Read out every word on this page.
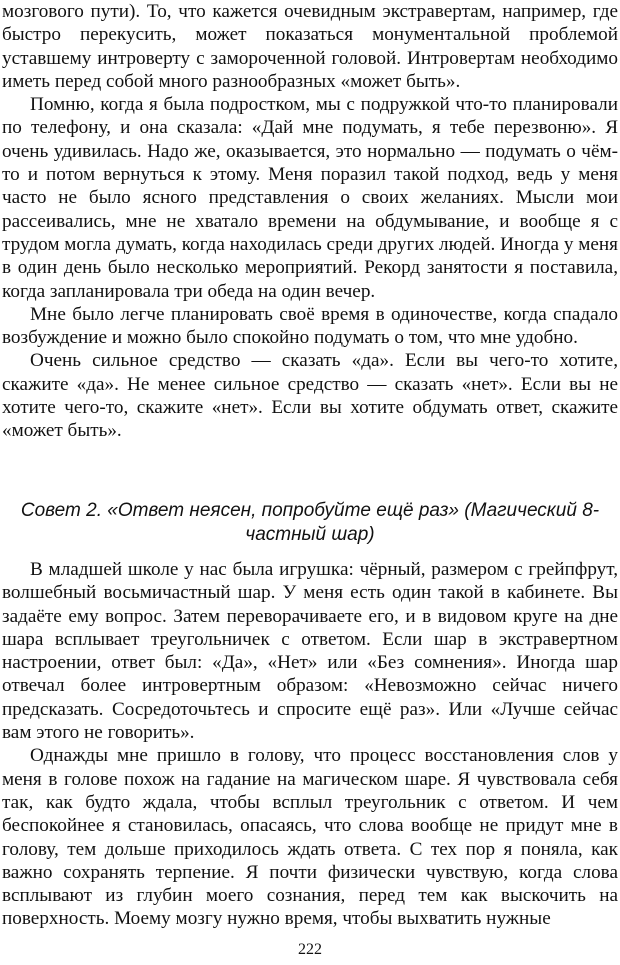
мозгового пути). То, что кажется очевидным экстравертам, например, где быстро перекусить, может показаться монументальной проблемой уставшему интроверту с замороченной головой. Интровертам необходимо иметь перед собой много разнообразных «может быть».

Помню, когда я была подростком, мы с подружкой что-то планировали по телефону, и она сказала: «Дай мне подумать, я тебе перезвоню». Я очень удивилась. Надо же, оказывается, это нормально — подумать о чём-то и потом вернуться к этому. Меня поразил такой подход, ведь у меня часто не было ясного представления о своих желаниях. Мысли мои рассеивались, мне не хватало времени на обдумывание, и вообще я с трудом могла думать, когда находилась среди других людей. Иногда у меня в один день было несколько мероприятий. Рекорд занятости я поставила, когда запланировала три обеда на один вечер.

Мне было легче планировать своё время в одиночестве, когда спадало возбуждение и можно было спокойно подумать о том, что мне удобно.

Очень сильное средство — сказать «да». Если вы чего-то хотите, скажите «да». Не менее сильное средство — сказать «нет». Если вы не хотите чего-то, скажите «нет». Если вы хотите обдумать ответ, скажите «может быть».

Совет 2. «Ответ неясен, попробуйте ещё раз» (Магический 8-частный шар)

В младшей школе у нас была игрушка: чёрный, размером с грейпфрут, волшебный восьмичастный шар. У меня есть один такой в кабинете. Вы задаёте ему вопрос. Затем переворачиваете его, и в видовом круге на дне шара всплывает треугольничек с ответом. Если шар в экстравертном настроении, ответ был: «Да», «Нет» или «Без сомнения». Иногда шар отвечал более интровертным образом: «Невозможно сейчас ничего предсказать. Сосредоточьтесь и спросите ещё раз». Или «Лучше сейчас вам этого не говорить».

Однажды мне пришло в голову, что процесс восстановления слов у меня в голове похож на гадание на магическом шаре. Я чувствовала себя так, как будто ждала, чтобы всплыл треугольник с ответом. И чем беспокойнее я становилась, опасаясь, что слова вообще не придут мне в голову, тем дольше приходилось ждать ответа. С тех пор я поняла, как важно сохранять терпение. Я почти физически чувствую, когда слова всплывают из глубин моего сознания, перед тем как выскочить на поверхность. Моему мозгу нужно время, чтобы выхватить нужные

222
